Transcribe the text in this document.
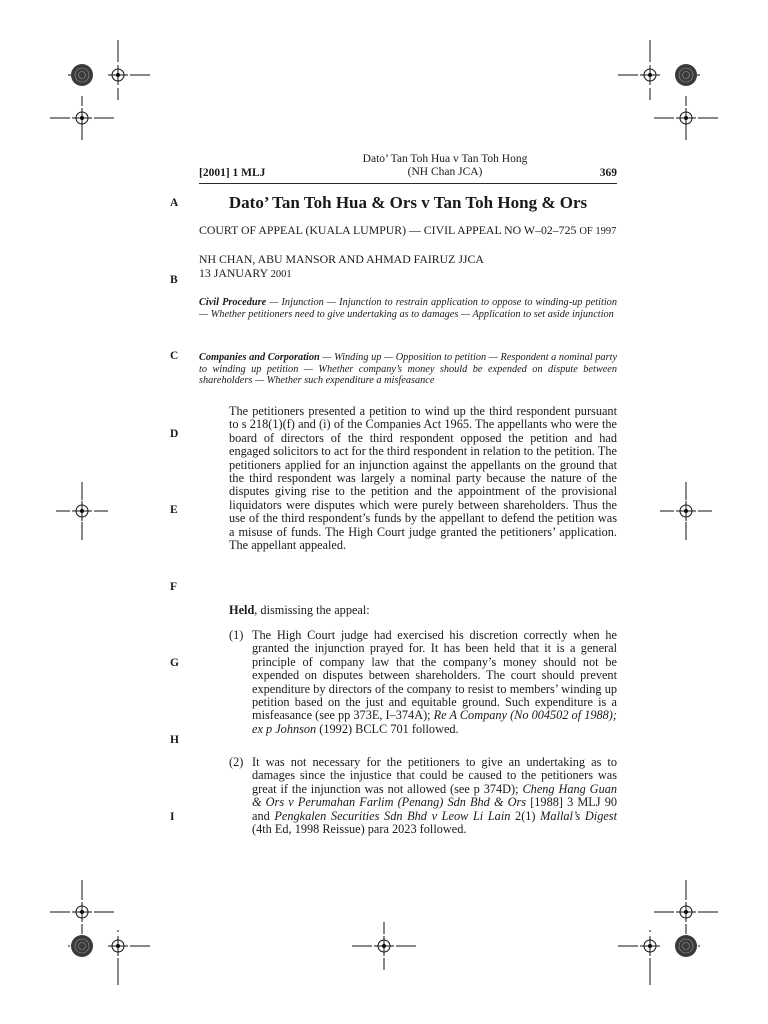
Dato’ Tan Toh Hua v Tan Toh Hong
(NH Chan JCA)
[2001] 1 MLJ	369
A
B
C
D
E
F
G
H
I
Dato’ Tan Toh Hua & Ors v Tan Toh Hong & Ors
COURT OF APPEAL (KUALA LUMPUR) — CIVIL APPEAL NO W–02–725 OF 1997
NH CHAN, ABU MANSOR AND AHMAD FAIRUZ JJCA
13 JANUARY 2001
Civil Procedure — Injunction — Injunction to restrain application to oppose to winding-up petition — Whether petitioners need to give undertaking as to damages — Application to set aside injunction
Companies and Corporation — Winding up — Opposition to petition — Respondent a nominal party to winding up petition — Whether company’s money should be expended on dispute between shareholders — Whether such expenditure a misfeasance
The petitioners presented a petition to wind up the third respondent pursuant to s 218(1)(f) and (i) of the Companies Act 1965. The appellants who were the board of directors of the third respondent opposed the petition and had engaged solicitors to act for the third respondent in relation to the petition. The petitioners applied for an injunction against the appellants on the ground that the third respondent was largely a nominal party because the nature of the disputes giving rise to the petition and the appointment of the provisional liquidators were disputes which were purely between shareholders. Thus the use of the third respondent’s funds by the appellant to defend the petition was a misuse of funds. The High Court judge granted the petitioners’ application. The appellant appealed.
Held, dismissing the appeal:
(1) The High Court judge had exercised his discretion correctly when he granted the injunction prayed for. It has been held that it is a general principle of company law that the company’s money should not be expended on disputes between shareholders. The court should prevent expenditure by directors of the company to resist to members’ winding up petition based on the just and equitable ground. Such expenditure is a misfeasance (see pp 373E, I–374A); Re A Company (No 004502 of 1988); ex p Johnson (1992) BCLC 701 followed.
(2) It was not necessary for the petitioners to give an undertaking as to damages since the injustice that could be caused to the petitioners was great if the injunction was not allowed (see p 374D); Cheng Hang Guan & Ors v Perumahan Farlim (Penang) Sdn Bhd & Ors [1988] 3 MLJ 90 and Pengkalen Securities Sdn Bhd v Leow Li Lain 2(1) Mallal’s Digest (4th Ed, 1998 Reissue) para 2023 followed.
